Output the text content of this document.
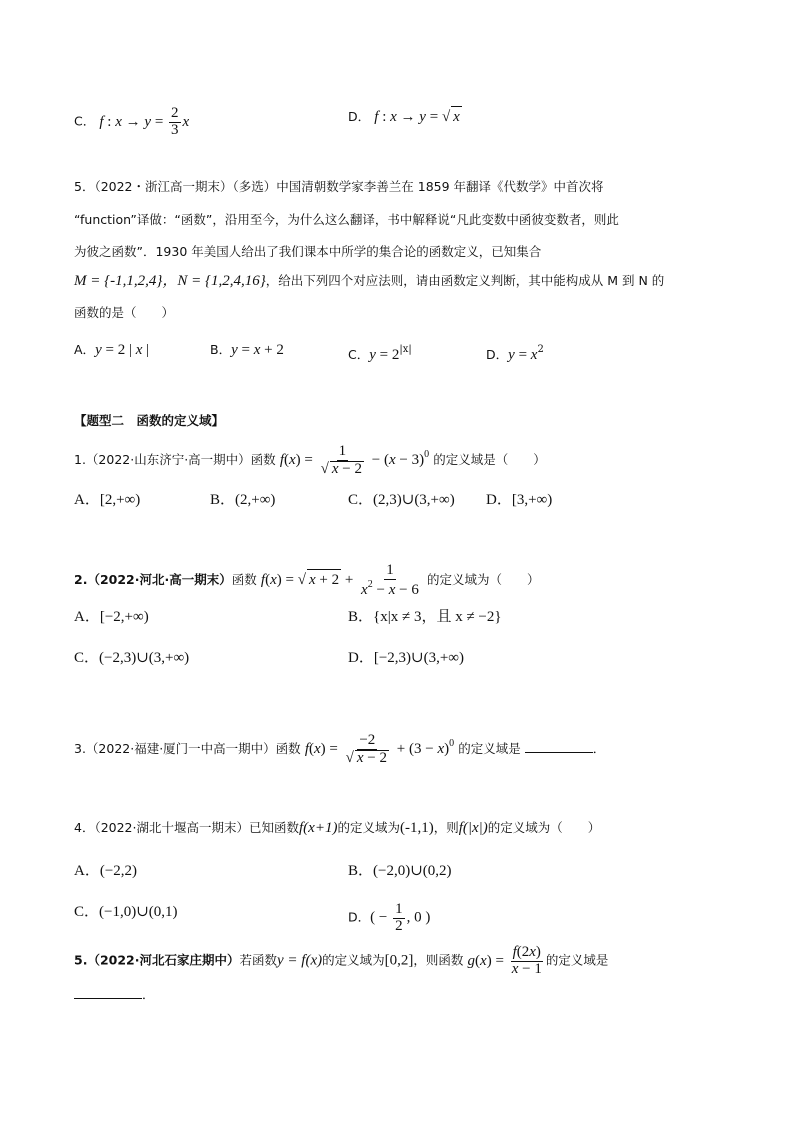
C． f : $x \to y = \frac{2}{3}$ x	D． f : x → y = √ x
5．（2022・浙江高一期末）（多选）中国清朝数学家李善兰在 1859 年翻译《代数学》中首次将
“function”译做：“函数”，沿用至今，为什么这么翻译，书中解释说“凡此变数中函彼变数者，则此
为彼之函数”．1930 年美国人给出了我们课本中所学的集合论的函数定义，已知集合
M = {-1,1,2,4}，N = {1,2,4,16}，给出下列四个对应法则，请由函数定义判断，其中能构成从 M 到 N 的
函数的是（　　）
A．y = 2 | x |	B．y = x + 2	C．$y = 2^{|x|}$	D．$y = x^2$
【题型二　函数的定义域】
1.（2022·山东济宁·高一期中）函数 $f(x) = \frac{1}{√ x - 2} - (x - 3)^0$ 的定义域是（　　）
A．[2,+∞)	B．(2,+∞)	C．(2,3)∪(3,+∞) D．[3,+∞)
2.（2022·河北·高一期末）函数 f(x) = √ $x + 2 + \frac{1}{x^2 - x - 6}$ 的定义域为（　　）
A．[−2,+∞)	B．{x|x ≠ 3，且 x ≠ −2}
C．(−2,3)∪(3,+∞)	D．[−2,3)∪(3,+∞)
3.（2022·福建·厦门一中高一期中）函数 $f(x) = \frac{-2}{√ x - 2} + (3 - x)^0$ 的定义域是	．
4．（2022·湖北十堰高一期末）已知函数f(x+1)的定义域为(-1,1)，则f(|x|)的定义域为（　　）
A．(−2,2)	B．(−2,0)∪(0,2)
C．(−1,0)∪(0,1)	D．( − $\frac{1}{2}$ , 0 )
5.（2022·河北石家庄期中）若函数y = f(x)的定义域为[0,2]，则函数 $g(x) = \frac{f(2x)}{x - 1}$ 的定义域是
．
